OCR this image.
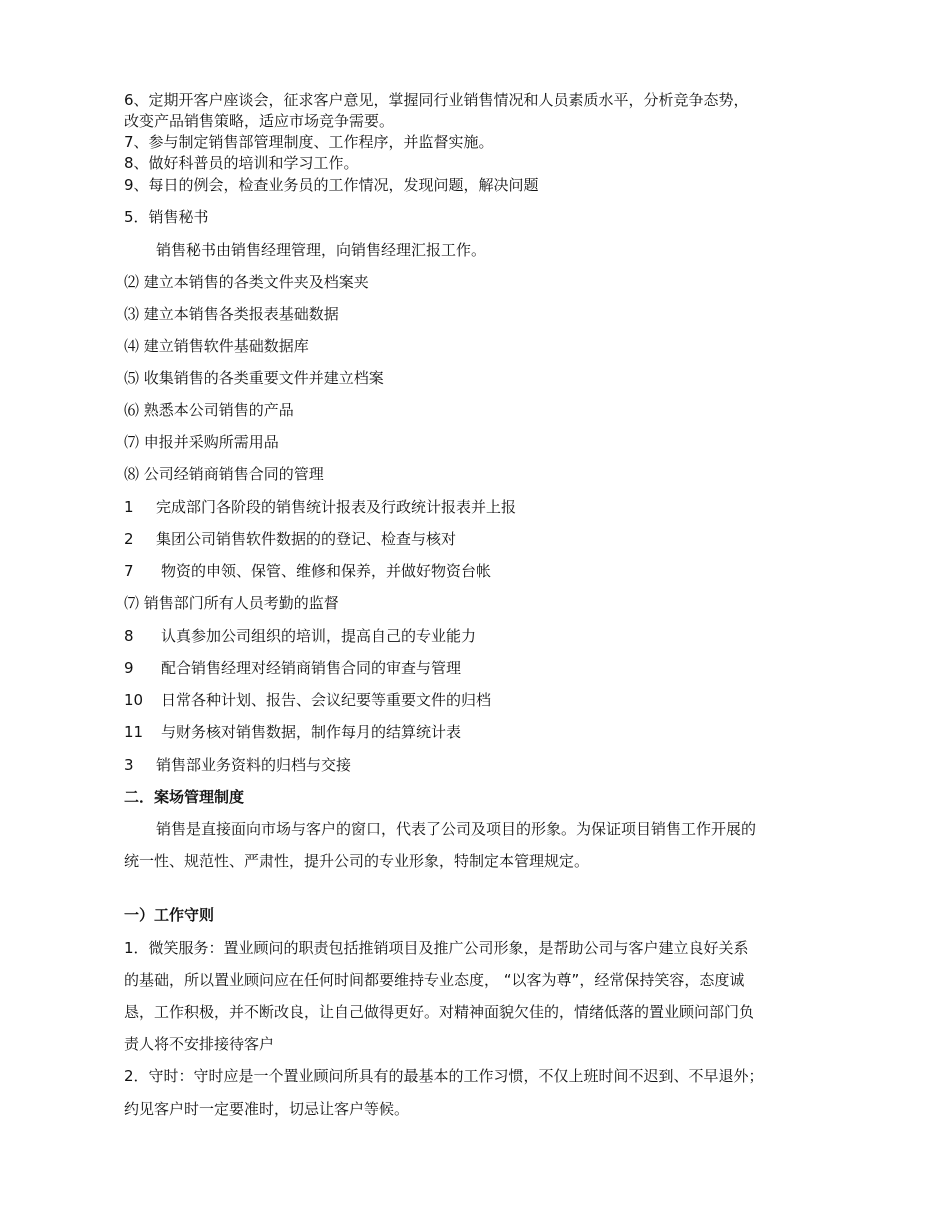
6、定期开客户座谈会，征求客户意见，掌握同行业销售情况和人员素质水平，分析竞争态势，
改变产品销售策略，适应市场竞争需要。
7、参与制定销售部管理制度、工作程序，并监督实施。
8、做好科普员的培训和学习工作。
9、每日的例会，检查业务员的工作情况，发现问题，解决问题
5．销售秘书
销售秘书由销售经理管理，向销售经理汇报工作。
⑵ 建立本销售的各类文件夹及档案夹
⑶ 建立本销售各类报表基础数据
⑷ 建立销售软件基础数据库
⑸ 收集销售的各类重要文件并建立档案
⑹ 熟悉本公司销售的产品
⑺ 申报并采购所需用品
⑻ 公司经销商销售合同的管理
1 完成部门各阶段的销售统计报表及行政统计报表并上报
2 集团公司销售软件数据的的登记、检查与核对
7 物资的申领、保管、维修和保养，并做好物资台帐
⑺ 销售部门所有人员考勤的监督
8 认真参加公司组织的培训，提高自己的专业能力
9 配合销售经理对经销商销售合同的审查与管理
10 日常各种计划、报告、会议纪要等重要文件的归档
11 与财务核对销售数据，制作每月的结算统计表
3 销售部业务资料的归档与交接
二．案场管理制度
销售是直接面向市场与客户的窗口，代表了公司及项目的形象。为保证项目销售工作开展的
统一性、规范性、严肃性，提升公司的专业形象，特制定本管理规定。
一）工作守则
1．微笑服务：置业顾问的职责包括推销项目及推广公司形象，是帮助公司与客户建立良好关系
的基础，所以置业顾问应在任何时间都要维持专业态度， “以客为尊”，经常保持笑容，态度诚
恳，工作积极，并不断改良，让自己做得更好。对精神面貌欠佳的，情绪低落的置业顾问部门负
责人将不安排接待客户
2．守时：守时应是一个置业顾问所具有的最基本的工作习惯，不仅上班时间不迟到、不早退外；
约见客户时一定要准时，切忌让客户等候。
